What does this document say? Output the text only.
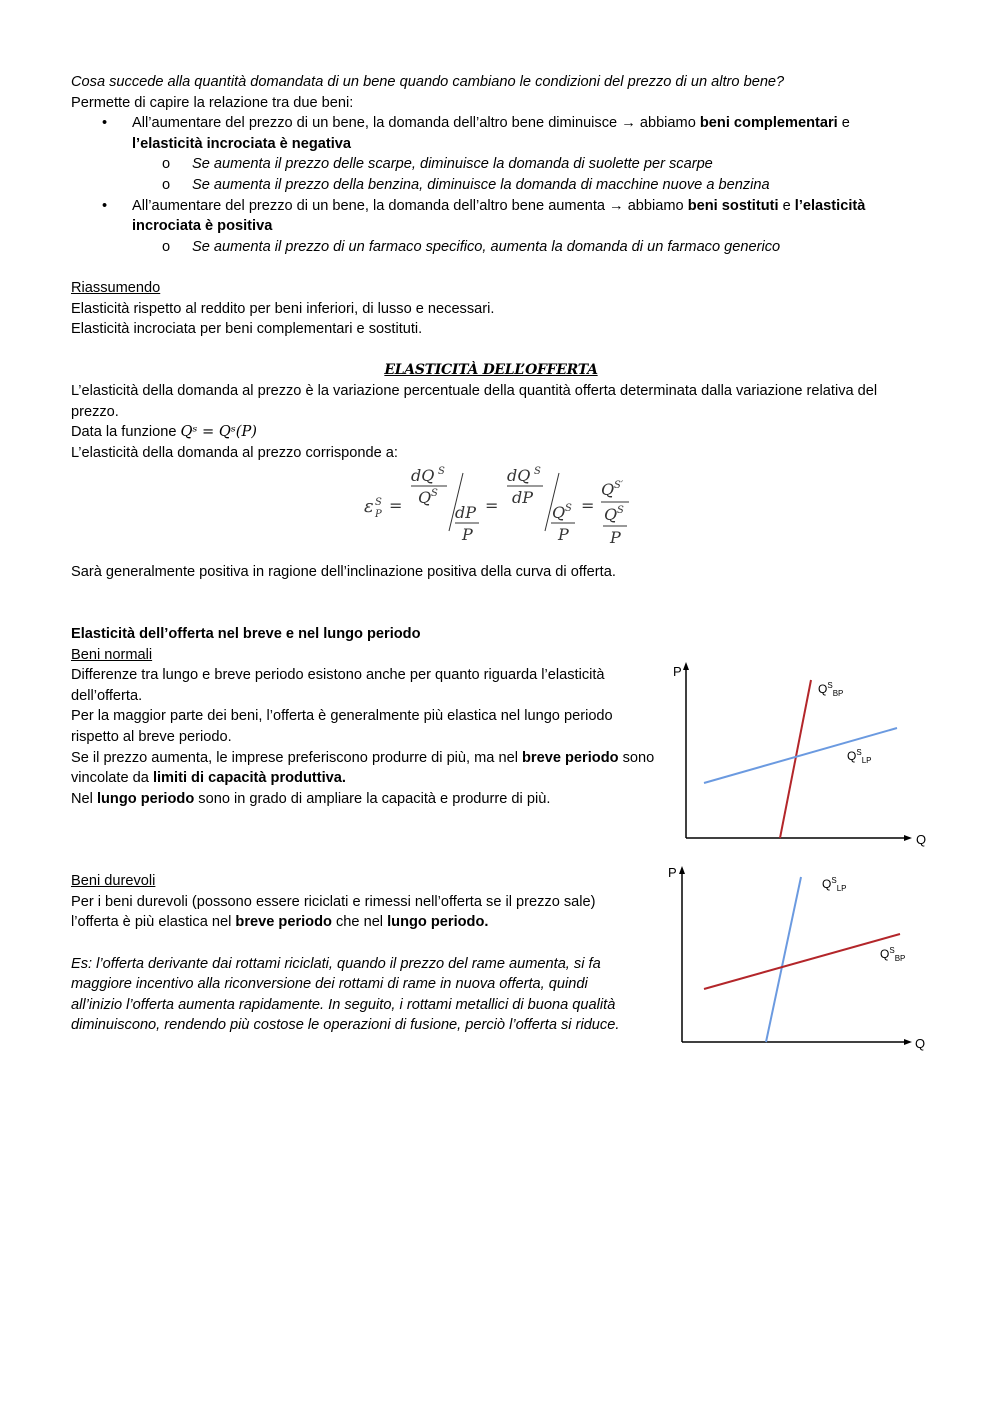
Cosa succede alla quantità domandata di un bene quando cambiano le condizioni del prezzo di un altro bene?

Permette di capire la relazione tra due beni:

• All’aumentare del prezzo di un bene, la domanda dell’altro bene diminuisce → abbiamo beni complementari e l’elasticità incrociata è negativa
o Se aumenta il prezzo delle scarpe, diminuisce la domanda di suolette per scarpe
o Se aumenta il prezzo della benzina, diminuisce la domanda di macchine nuove a benzina
• All’aumentare del prezzo di un bene, la domanda dell’altro bene aumenta → abbiamo beni sostituti e l’elasticità incrociata è positiva
o Se aumenta il prezzo di un farmaco specifico, aumenta la domanda di un farmaco generico

Riassumendo

Elasticità rispetto al reddito per beni inferiori, di lusso e necessari.

Elasticità incrociata per beni complementari e sostituti.

ELASTICITÀ DELL’OFFERTA

L’elasticità della domanda al prezzo è la variazione percentuale della quantità offerta determinata dalla variazione relativa del prezzo.

Data la funzione Qˢ = Qˢ(P)

L’elasticità della domanda al prezzo corrisponde a:

ε S
P =
dQ S
Q S
dP
P
=
dQ S
dP
Q S
P
=
Q S′
Q S
P

Sarà generalmente positiva in ragione dell’inclinazione positiva della curva di offerta.

Elasticità dell’offerta nel breve e nel lungo periodo

Beni normali

Differenze tra lungo e breve periodo esistono anche per quanto riguarda l’elasticità dell’offerta.

Per la maggior parte dei beni, l’offerta è generalmente più elastica nel lungo periodo rispetto al breve periodo.

Se il prezzo aumenta, le imprese preferiscono produrre di più, ma nel breve periodo sono vincolate da limiti di capacità produttiva.

Nel lungo periodo sono in grado di ampliare la capacità e produrre di più.

Beni durevoli

Per i beni durevoli (possono essere riciclati e rimessi nell’offerta se il prezzo sale) l’offerta è più elastica nel breve periodo che nel lungo periodo.

Es: l’offerta derivante dai rottami riciclati, quando il prezzo del rame aumenta, si fa maggiore incentivo alla riconversione dei rottami di rame in nuova offerta, quindi all’inizio l’offerta aumenta rapidamente. In seguito, i rottami metallici di buona qualità diminuiscono, rendendo più costose le operazioni di fusione, perciò l’offerta si riduce.

P
Q
$Q^S_{BP}$
$Q^S_{LP}$
P
Q
$Q^S_{LP}$
$Q^S_{BP}$
